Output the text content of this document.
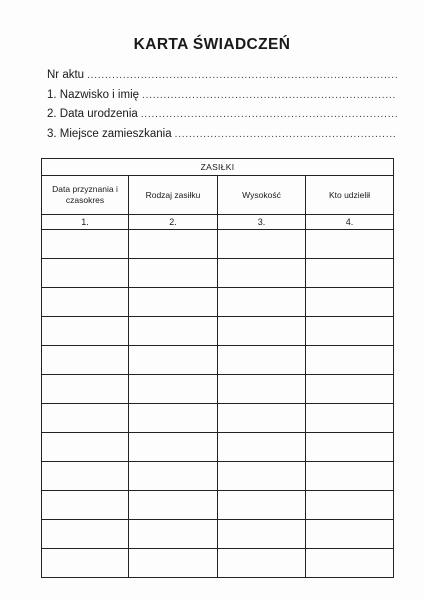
KARTA ŚWIADCZEŃ
Nr aktu
.....
1. Nazwisko i imię
.....
2. Data urodzenia
.....
3. Miejsce zamieszkania
.....
ZASIŁKI			
Data przyznania i czasokres	Rodzaj zasiłku	Wysokość	Kto udzielił
1.	2.	3.	4.
